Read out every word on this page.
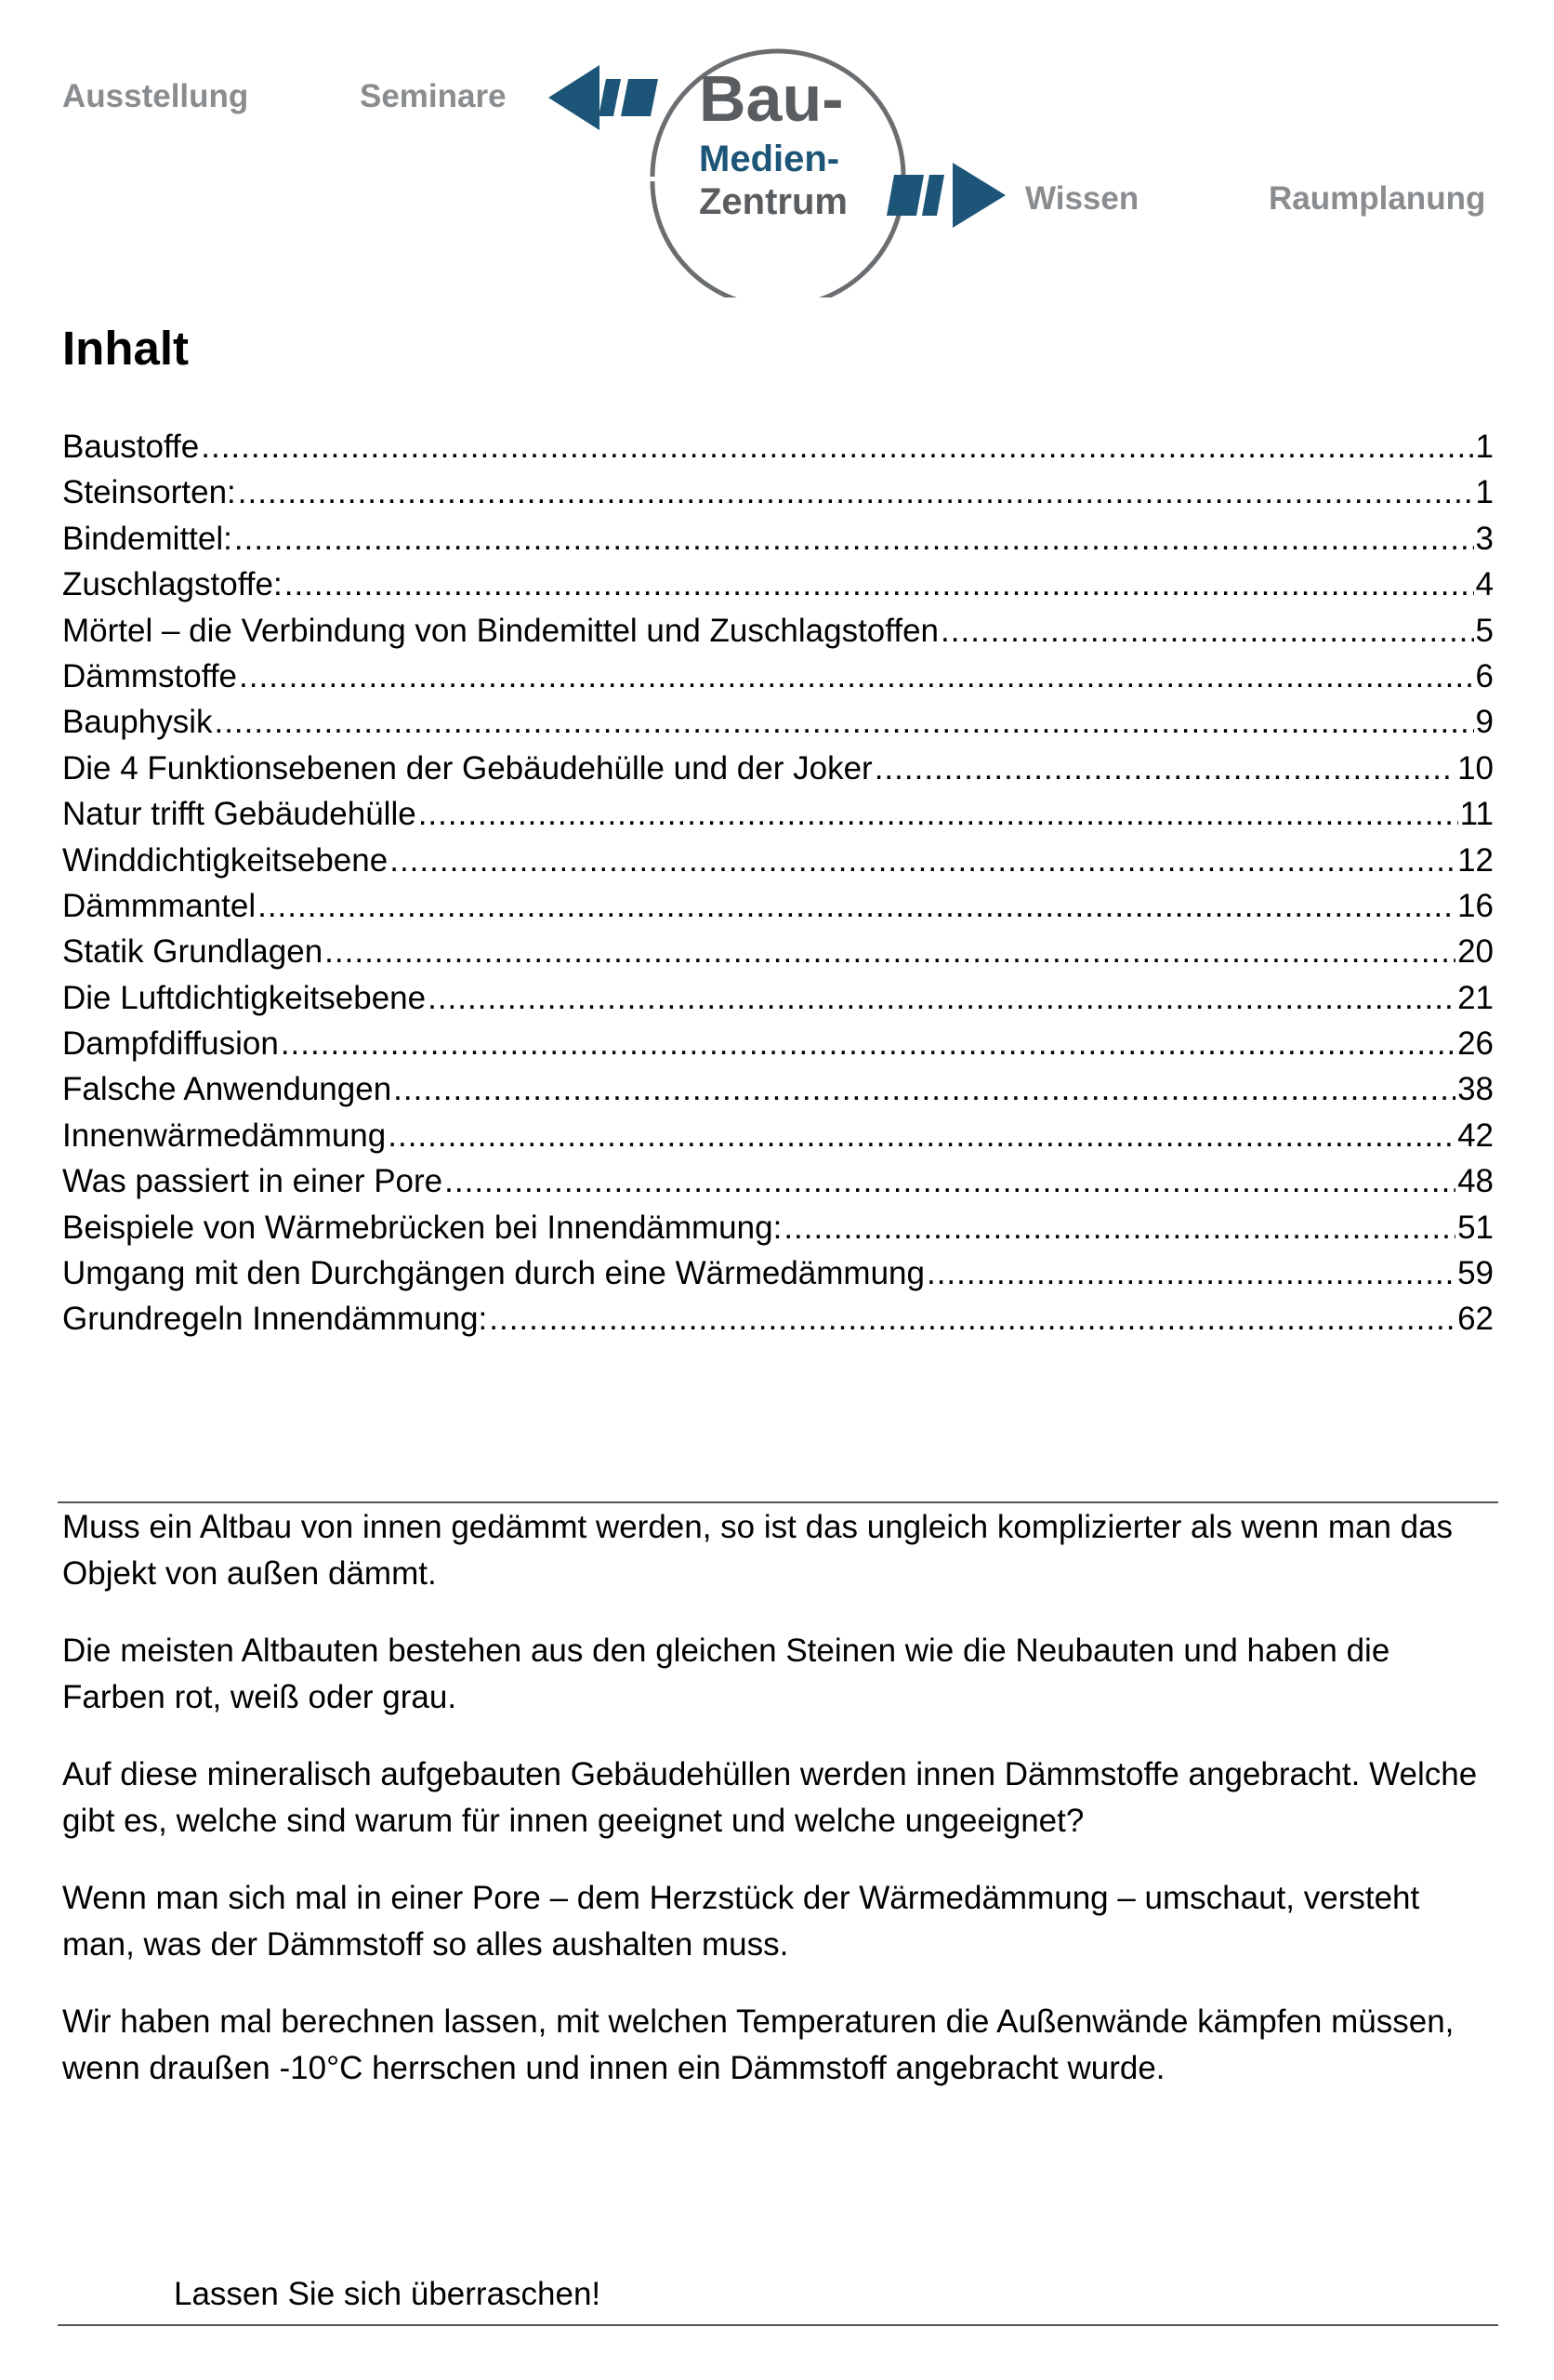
Ausstellung	Seminare
Wissen	Raumplanung
Bau-
Medien-
Zentrum
Inhalt
Baustoffe .....	1
Steinsorten: .....	1
Bindemittel: .....	3
Zuschlagstoffe: .....	4
Mörtel – die Verbindung von Bindemittel und Zuschlagstoffen .....	5
Dämmstoffe .....	6
Bauphysik .....	9
Die 4 Funktionsebenen der Gebäudehülle und der Joker .....	10
Natur trifft Gebäudehülle .....	11
Winddichtigkeitsebene .....	12
Dämmmantel .....	16
Statik Grundlagen .....	20
Die Luftdichtigkeitsebene .....	21
Dampfdiffusion .....	26
Falsche Anwendungen .....	38
Innenwärmedämmung .....	42
Was passiert in einer Pore .....	48
Beispiele von Wärmebrücken bei Innendämmung: .....	51
Umgang mit den Durchgängen durch eine Wärmedämmung .....	59
Grundregeln Innendämmung: .....	62

Muss ein Altbau von innen gedämmt werden, so ist das ungleich komplizierter als wenn man das Objekt von außen dämmt.

Die meisten Altbauten bestehen aus den gleichen Steinen wie die Neubauten und haben die Farben rot, weiß oder grau.

Auf diese mineralisch aufgebauten Gebäudehüllen werden innen Dämmstoffe angebracht. Welche gibt es, welche sind warum für innen geeignet und welche ungeeignet?

Wenn man sich mal in einer Pore – dem Herzstück der Wärmedämmung – umschaut, versteht man, was der Dämmstoff so alles aushalten muss.

Wir haben mal berechnen lassen, mit welchen Temperaturen die Außenwände kämpfen müssen, wenn draußen -10°C herrschen und innen ein Dämmstoff angebracht wurde.

Lassen Sie sich überraschen!
